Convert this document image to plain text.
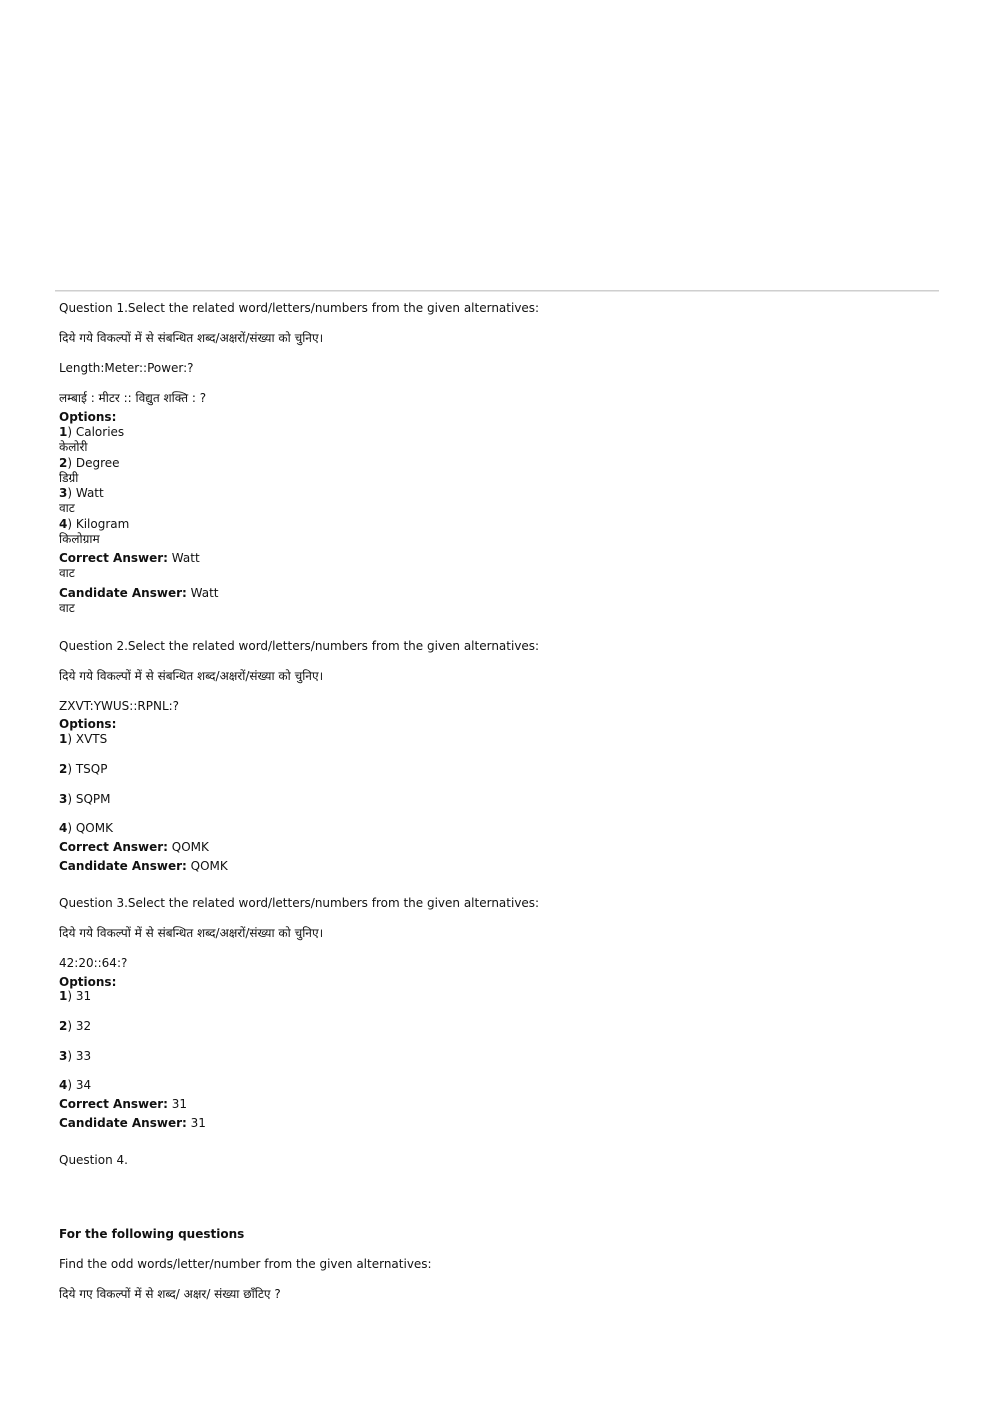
Question 1.Select the related word/letters/numbers from the given alternatives:
दिये गये विकल्पों में से संबन्धित शब्द/अक्षरों/संख्या को चुनिए।
Length:Meter::Power:?
लम्बाई : मीटर :: विद्युत शक्ति : ?
Options:
1) Calories
केलोरी
2) Degree
डिग्री
3) Watt
वाट
4) Kilogram
किलोग्राम
Correct Answer: Watt
वाट
Candidate Answer: Watt
वाट
Question 2.Select the related word/letters/numbers from the given alternatives:
दिये गये विकल्पों में से संबन्धित शब्द/अक्षरों/संख्या को चुनिए।
ZXVT:YWUS::RPNL:?
Options:
1) XVTS
2) TSQP
3) SQPM
4) QOMK
Correct Answer: QOMK
Candidate Answer: QOMK
Question 3.Select the related word/letters/numbers from the given alternatives:
दिये गये विकल्पों में से संबन्धित शब्द/अक्षरों/संख्या को चुनिए।
42:20::64:?
Options:
1) 31
2) 32
3) 33
4) 34
Correct Answer: 31
Candidate Answer: 31
Question 4.
For the following questions
Find the odd words/letter/number from the given alternatives:
दिये गए विकल्पों में से शब्द/ अक्षर/ संख्या छाँटिए ?
